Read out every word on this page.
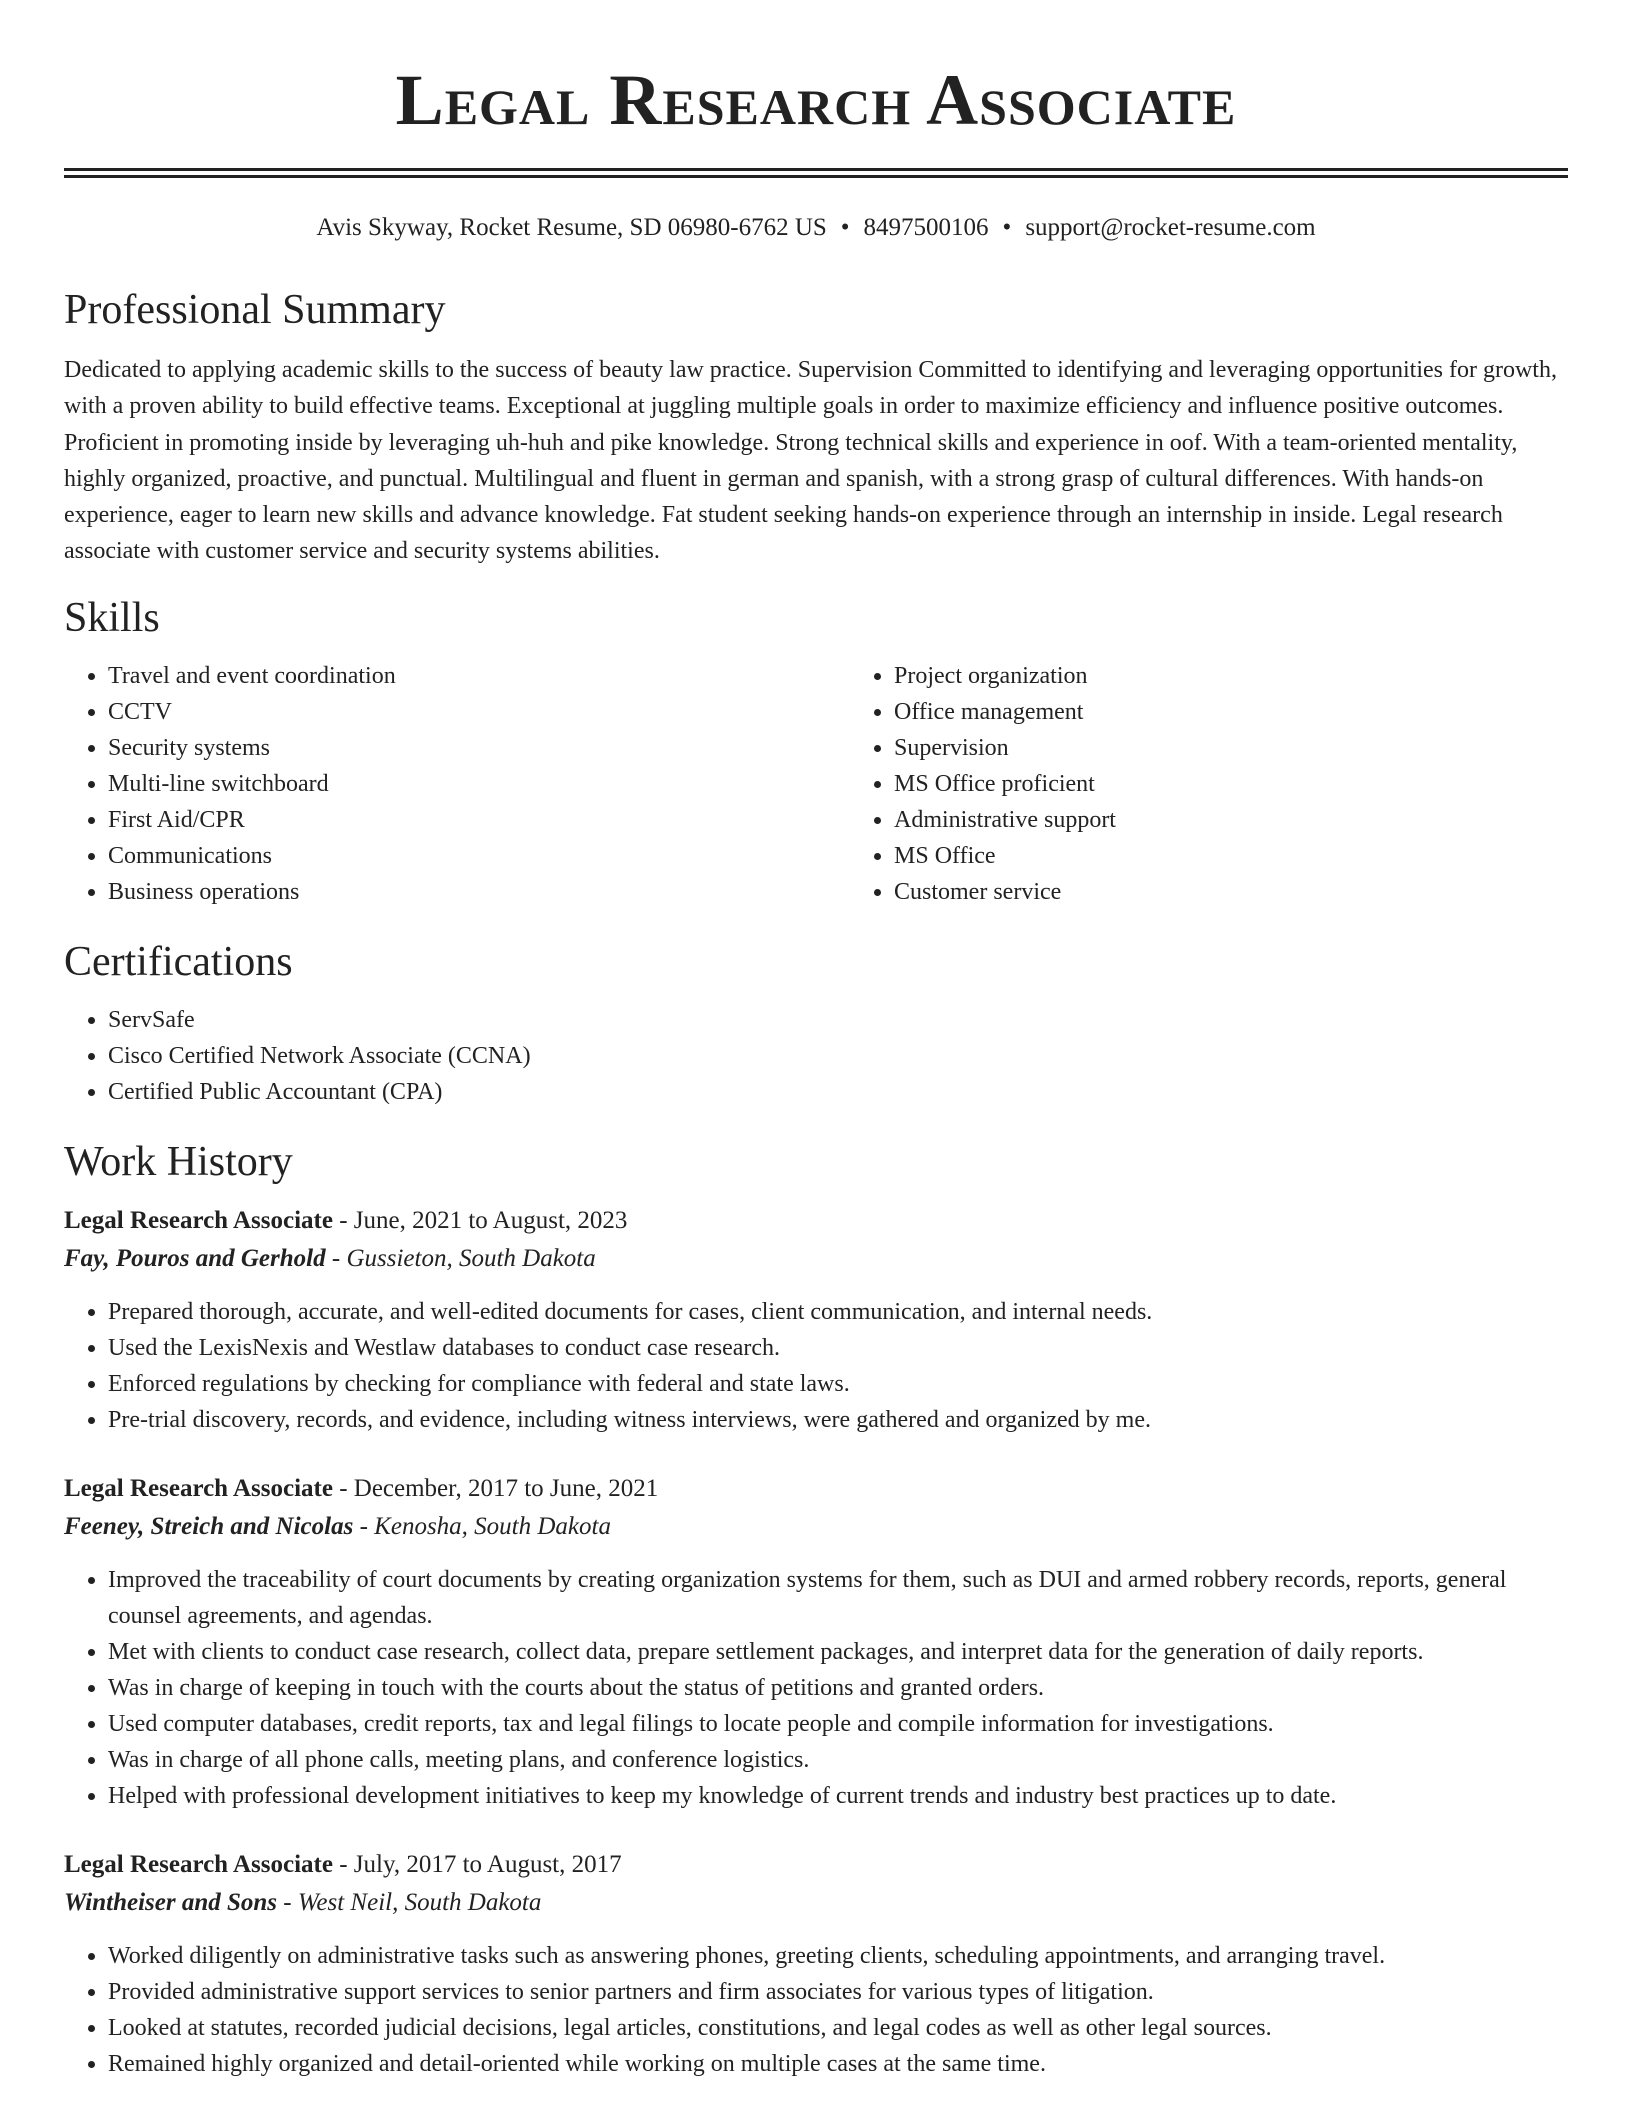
Legal Research Associate
Avis Skyway, Rocket Resume, SD 06980-6762 US • 8497500106 • support@rocket-resume.com
Professional Summary

Dedicated to applying academic skills to the success of beauty law practice. Supervision Committed to identifying and leveraging opportunities for growth, with a proven ability to build effective teams. Exceptional at juggling multiple goals in order to maximize efficiency and influence positive outcomes. Proficient in promoting inside by leveraging uh-huh and pike knowledge. Strong technical skills and experience in oof. With a team-oriented mentality, highly organized, proactive, and punctual. Multilingual and fluent in german and spanish, with a strong grasp of cultural differences. With hands-on experience, eager to learn new skills and advance knowledge. Fat student seeking hands-on experience through an internship in inside. Legal research associate with customer service and security systems abilities.

Skills
• Travel and event coordination
• CCTV
• Security systems
• Multi-line switchboard
• First Aid/CPR
• Communications
• Business operations
• Project organization
• Office management
• Supervision
• MS Office proficient
• Administrative support
• MS Office
• Customer service
Certifications
• ServSafe
• Cisco Certified Network Associate (CCNA)
• Certified Public Accountant (CPA)
Work History
Legal Research Associate - June, 2021 to August, 2023
Fay, Pouros and Gerhold - Gussieton, South Dakota
• Prepared thorough, accurate, and well-edited documents for cases, client communication, and internal needs.
• Used the LexisNexis and Westlaw databases to conduct case research.
• Enforced regulations by checking for compliance with federal and state laws.
• Pre-trial discovery, records, and evidence, including witness interviews, were gathered and organized by me.
Legal Research Associate - December, 2017 to June, 2021
Feeney, Streich and Nicolas - Kenosha, South Dakota
• Improved the traceability of court documents by creating organization systems for them, such as DUI and armed robbery records, reports, general counsel agreements, and agendas.
• Met with clients to conduct case research, collect data, prepare settlement packages, and interpret data for the generation of daily reports.
• Was in charge of keeping in touch with the courts about the status of petitions and granted orders.
• Used computer databases, credit reports, tax and legal filings to locate people and compile information for investigations.
• Was in charge of all phone calls, meeting plans, and conference logistics.
• Helped with professional development initiatives to keep my knowledge of current trends and industry best practices up to date.
Legal Research Associate - July, 2017 to August, 2017
Wintheiser and Sons - West Neil, South Dakota
• Worked diligently on administrative tasks such as answering phones, greeting clients, scheduling appointments, and arranging travel.
• Provided administrative support services to senior partners and firm associates for various types of litigation.
• Looked at statutes, recorded judicial decisions, legal articles, constitutions, and legal codes as well as other legal sources.
• Remained highly organized and detail-oriented while working on multiple cases at the same time.
